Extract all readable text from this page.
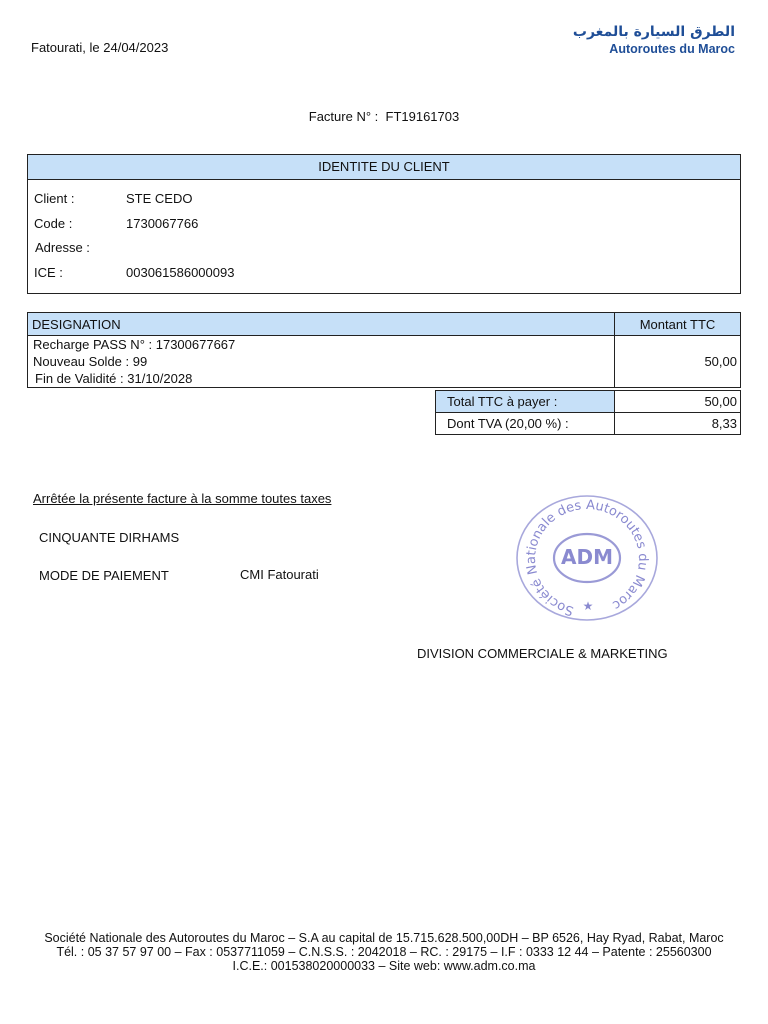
Fatourati, le 24/04/2023
الطرق السيارة بالمغرب
Autoroutes du Maroc
Facture N° : FT19161703
IDENTITE DU CLIENT
Client :	STE CEDO
Code :	1730067766
Adresse :
ICE :	003061586000093
DESIGNATION	Montant TTC

Recharge PASS N° : 17300677667
Nouveau Solde : 99
Fin de Validité : 31/10/2028	50,00
Total TTC à payer :	50,00
Dont TVA (20,00 %) :	8,33
Arrêtée la présente facture à la somme toutes taxes
CINQUANTE DIRHAMS
MODE DE PAIEMENT	CMI Fatourati
Société Nationale des Autoroutes du Maroc
ADM
★
DIVISION COMMERCIALE & MARKETING
Société Nationale des Autoroutes du Maroc – S.A au capital de 15.715.628.500,00DH – BP 6526, Hay Ryad, Rabat, Maroc
Tél. : 05 37 57 97 00 – Fax : 0537711059 – C.N.S.S. : 2042018 – RC. : 29175 – I.F : 0333 12 44 – Patente : 25560300
I.C.E.: 001538020000033 – Site web: www.adm.co.ma
